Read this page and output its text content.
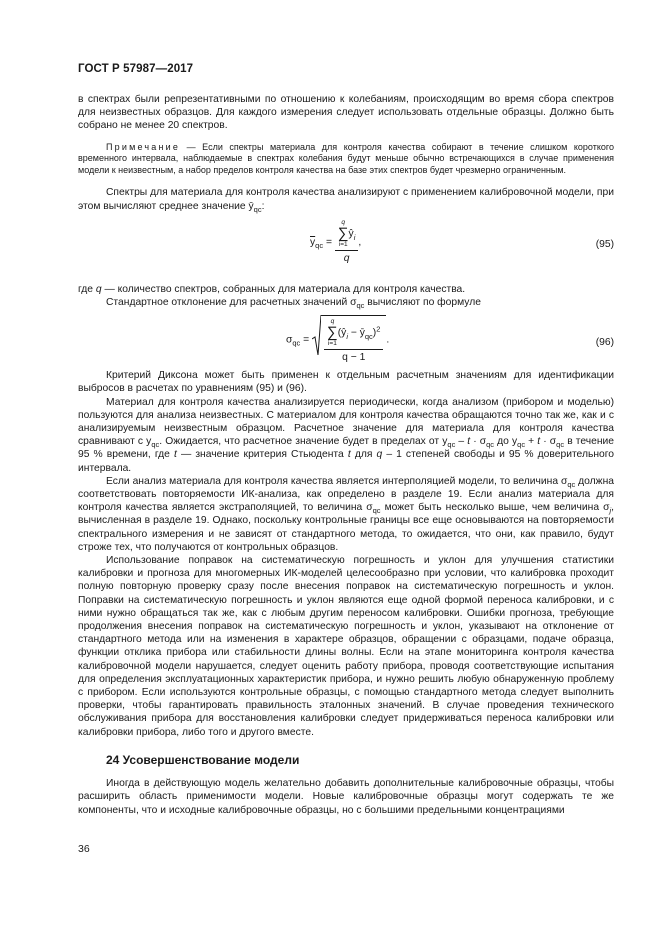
ГОСТ Р 57987—2017

в спектрах были репрезентативными по отношению к колебаниям, происходящим во время сбора спектров для неизвестных образцов. Для каждого измерения следует использовать отдельные образцы. Должно быть собрано не менее 20 спектров.

Примечание — Если спектры материала для контроля качества собирают в течение слишком короткого временного интервала, наблюдаемые в спектрах колебания будут меньше обычно встречающихся в случае применения модели к неизвестным, а набор пределов контроля качества на базе этих спектров будет чрезмерно ограниченным.

Спектры для материала для контроля качества анализируют с применением калибровочной модели, при этом вычисляют среднее значение $ȳ_{qc}$:

$\overline{y}_{qc} = q$
∑
i=1
$ŷ_i$
q ,	(95)

где q — количество спектров, собранных для материала для контроля качества.

Стандартное отклонение для расчетных значений $\sigma_{qc}$ вычисляют по формуле

$\sigma_{qc} = q$
∑
i=1
($ŷ_i$ − $ȳ_{qc})^2$
q − 1 .	(96)

Критерий Диксона может быть применен к отдельным расчетным значениям для идентификации выбросов в расчетах по уравнениям (95) и (96).

Материал для контроля качества анализируется периодически, когда анализом (прибором и моделью) пользуются для анализа неизвестных. С материалом для контроля качества обращаются точно так же, как и с анализируемым неизвестным образцом. Расчетное значение для материала для контроля качества сравнивают с $y_{qc}$. Ожидается, что расчетное значение будет в пределах от $y_{qc} - t \cdot \sigma_{qc}$ до $y_{qc} + t \cdot \sigma_{qc}$ в течение 95 % времени, где t — значение критерия Стьюдента t для q – 1 степеней свободы и 95 % доверительного интервала.

Если анализ материала для контроля качества является интерполяцией модели, то величина $\sigma_{qc}$ должна соответствовать повторяемости ИК-анализа, как определено в разделе 19. Если анализ материала для контроля качества является экстраполяцией, то величина $\sigma_{qc}$ может быть несколько выше, чем величина $\sigma_j$, вычисленная в разделе 19. Однако, поскольку контрольные границы все еще основываются на повторяемости спектрального измерения и не зависят от стандартного метода, то ожидается, что они, как правило, будут строже тех, что получаются от контрольных образцов.

Использование поправок на систематическую погрешность и уклон для улучшения статистики калибровки и прогноза для многомерных ИК-моделей целесообразно при условии, что калибровка проходит полную повторную проверку сразу после внесения поправок на систематическую погрешность и уклон. Поправки на систематическую погрешность и уклон являются еще одной формой переноса калибровки, и с ними нужно обращаться так же, как с любым другим переносом калибровки. Ошибки прогноза, требующие продолжения внесения поправок на систематическую погрешность и уклон, указывают на отклонение от стандартного метода или на изменения в характере образцов, обращении с образцами, подаче образца, функции отклика прибора или стабильности длины волны. Если на этапе мониторинга контроля качества калибровочной модели нарушается, следует оценить работу прибора, проводя соответствующие испытания для определения эксплуатационных характеристик прибора, и нужно решить любую обнаруженную проблему с прибором. Если используются контрольные образцы, с помощью стандартного метода следует выполнить проверки, чтобы гарантировать правильность эталонных значений. В случае проведения технического обслуживания прибора для восстановления калибровки следует придерживаться переноса калибровки или калибровки прибора, либо того и другого вместе.

24 Усовершенствование модели

Иногда в действующую модель желательно добавить дополнительные калибровочные образцы, чтобы расширить область применимости модели. Новые калибровочные образцы могут содержать те же компоненты, что и исходные калибровочные образцы, но с большими предельными концентрациями

36
